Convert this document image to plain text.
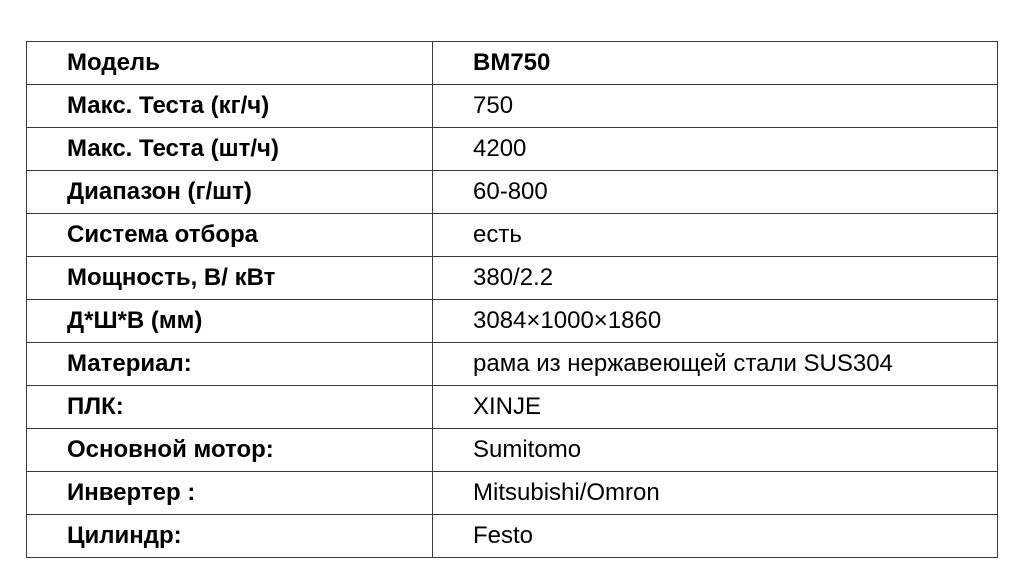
Модель	BM750
Макс. Теста (кг/ч)	750
Макс. Теста (шт/ч)	4200
Диапазон (г/шт)	60-800
Система отбора	есть
Мощность, В/ кВт	380/2.2
Д*Ш*В (мм)	3084×1000×1860
Материал:	рама из нержавеющей стали SUS304
ПЛК:	XINJE
Основной мотор:	Sumitomo
Инвертер :	Mitsubishi/Omron
Цилиндр:	Festo
